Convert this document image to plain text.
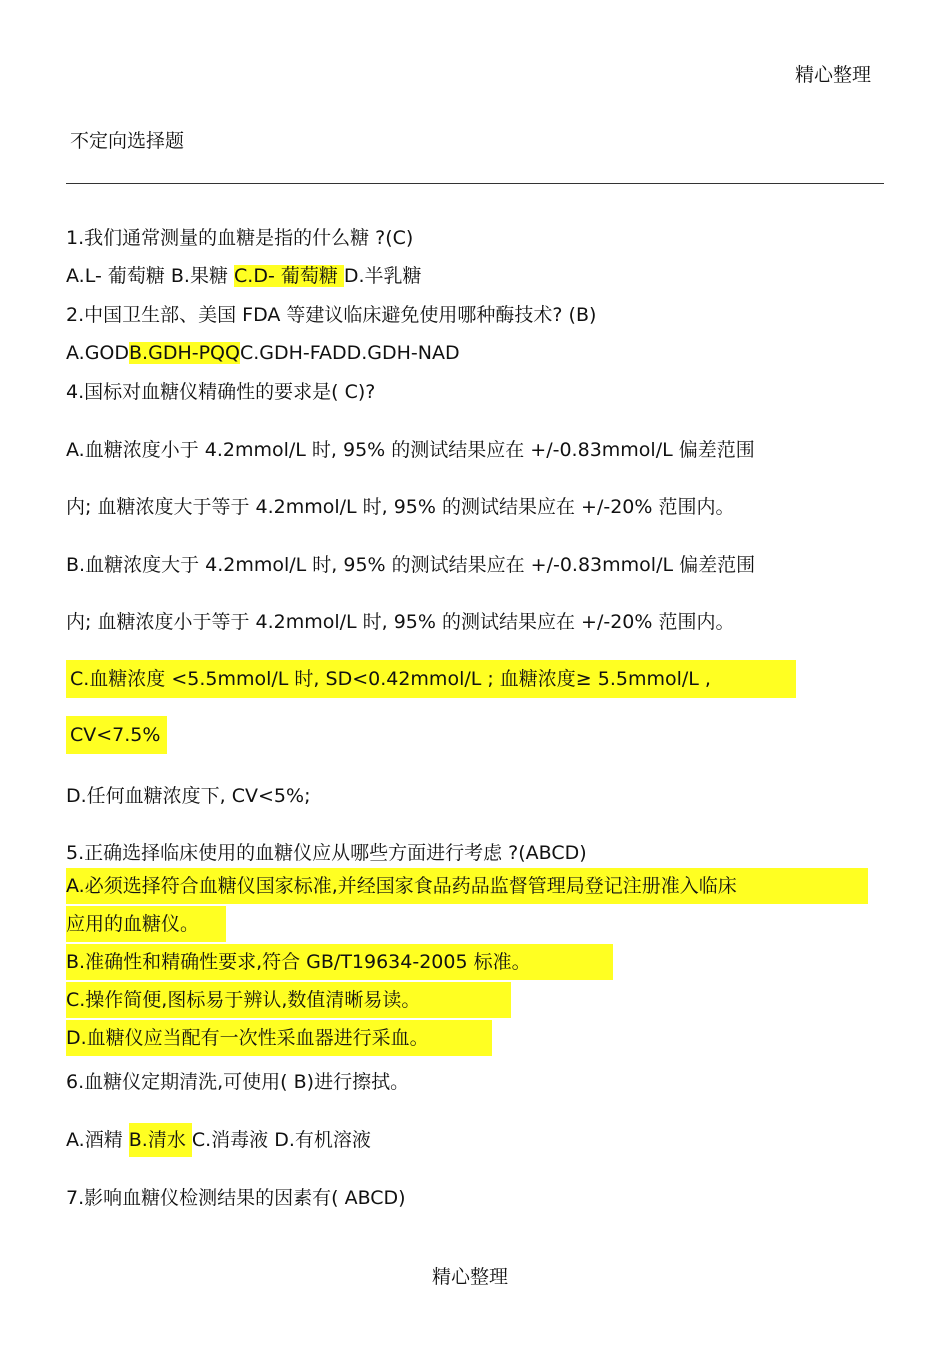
精心整理
不定向选择题
1.我们通常测量的血糖是指的什么糖 ?(C)
A.L- 葡萄糖 B.果糖 C.D- 葡萄糖 D.半乳糖
2.中国卫生部、美国 FDA 等建议临床避免使用哪种酶技术? (B)
A.GODB.GDH-PQQC.GDH-FADD.GDH-NAD
4.国标对血糖仪精确性的要求是( C)?
A.血糖浓度小于 4.2mmol/L 时, 95% 的测试结果应在 +/-0.83mmol/L 偏差范围
内; 血糖浓度大于等于 4.2mmol/L 时, 95% 的测试结果应在 +/-20% 范围内。
B.血糖浓度大于 4.2mmol/L 时, 95% 的测试结果应在 +/-0.83mmol/L 偏差范围
内; 血糖浓度小于等于 4.2mmol/L 时, 95% 的测试结果应在 +/-20% 范围内。
C.血糖浓度 <5.5mmol/L 时, SD<0.42mmol/L ; 血糖浓度≥ 5.5mmol/L ,
CV<7.5%
D.任何血糖浓度下, CV<5%;
5.正确选择临床使用的血糖仪应从哪些方面进行考虑 ?(ABCD)
A.必须选择符合血糖仪国家标准,并经国家食品药品监督管理局登记注册准入临床
应用的血糖仪。
B.准确性和精确性要求,符合 GB/T19634-2005 标准。
C.操作简便,图标易于辨认,数值清晰易读。
D.血糖仪应当配有一次性采血器进行采血。
6.血糖仪定期清洗,可使用( B)进行擦拭。
A.酒精 B.清水 C.消毒液 D.有机溶液
7.影响血糖仪检测结果的因素有( ABCD)
精心整理
